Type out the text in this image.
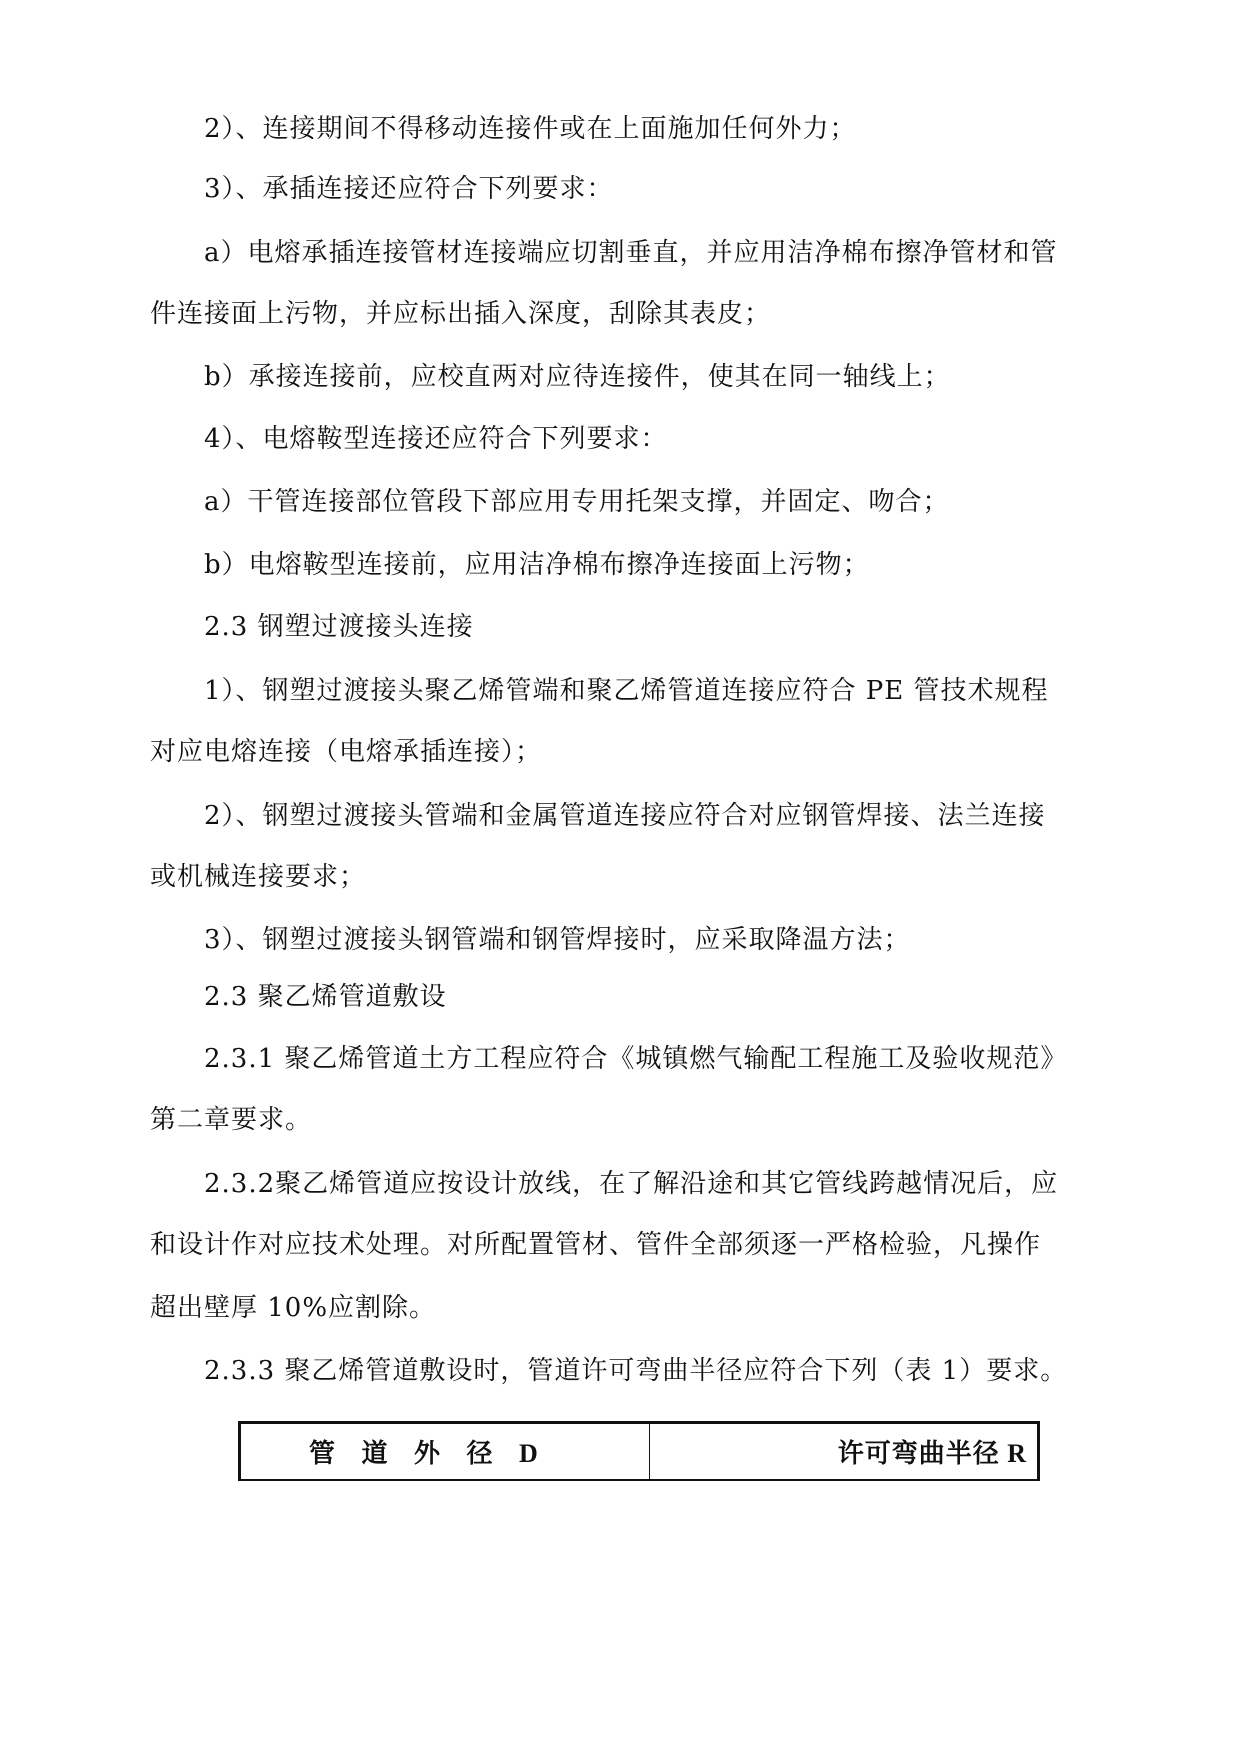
2）、连接期间不得移动连接件或在上面施加任何外力；
3）、承插连接还应符合下列要求：
a）电熔承插连接管材连接端应切割垂直，并应用洁净棉布擦净管材和管
件连接面上污物，并应标出插入深度，刮除其表皮；
b）承接连接前，应校直两对应待连接件，使其在同一轴线上；
4）、电熔鞍型连接还应符合下列要求：
a）干管连接部位管段下部应用专用托架支撑，并固定、吻合；
b）电熔鞍型连接前，应用洁净棉布擦净连接面上污物；
2.3 钢塑过渡接头连接
1）、钢塑过渡接头聚乙烯管端和聚乙烯管道连接应符合 PE 管技术规程
对应电熔连接（电熔承插连接）；
2）、钢塑过渡接头管端和金属管道连接应符合对应钢管焊接、法兰连接
或机械连接要求；
3）、钢塑过渡接头钢管端和钢管焊接时，应采取降温方法；
2.3 聚乙烯管道敷设
2.3.1 聚乙烯管道土方工程应符合《城镇燃气输配工程施工及验收规范》
第二章要求。
2.3.2聚乙烯管道应按设计放线，在了解沿途和其它管线跨越情况后，应
和设计作对应技术处理。对所配置管材、管件全部须逐一严格检验，凡操作
超出壁厚 10%应割除。
2.3.3 聚乙烯管道敷设时，管道许可弯曲半径应符合下列（表 1）要求。
管 道 外 径 D	许可弯曲半径 R
